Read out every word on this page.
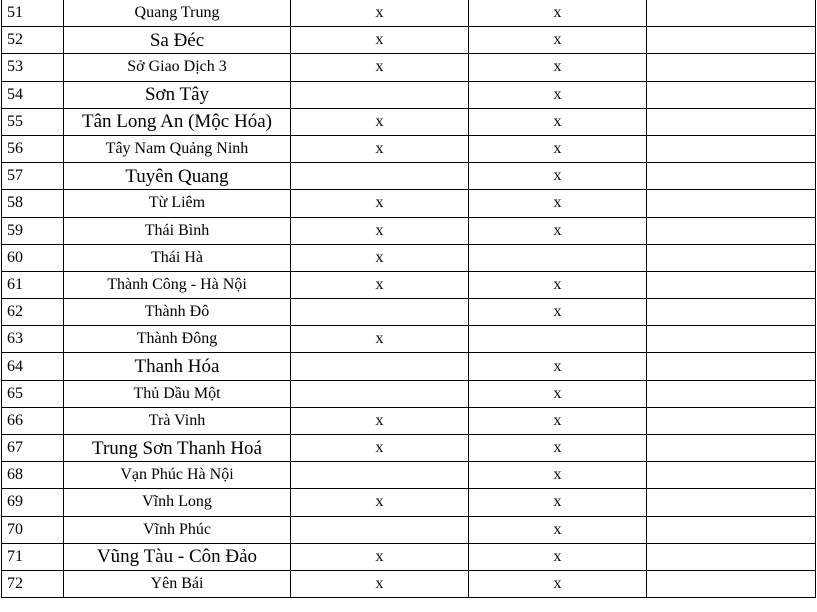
51	Quang Trung	x	x	
52	Sa Đéc	x	x	
53	Sở Giao Dịch 3	x	x	
54	Sơn Tây		x	
55	Tân Long An (Mộc Hóa)	x	x	
56	Tây Nam Quảng Ninh	x	x	
57	Tuyên Quang		x	
58	Từ Liêm	x	x	
59	Thái Bình	x	x	
60	Thái Hà	x		
61	Thành Công - Hà Nội	x	x	
62	Thành Đô		x	
63	Thành Đông	x		
64	Thanh Hóa		x	
65	Thủ Dầu Một		x	
66	Trà Vinh	x	x	
67	Trung Sơn Thanh Hoá	x	x	
68	Vạn Phúc Hà Nội		x	
69	Vĩnh Long	x	x	
70	Vĩnh Phúc		x	
71	Vũng Tàu - Côn Đảo	x	x	
72	Yên Bái	x	x	
